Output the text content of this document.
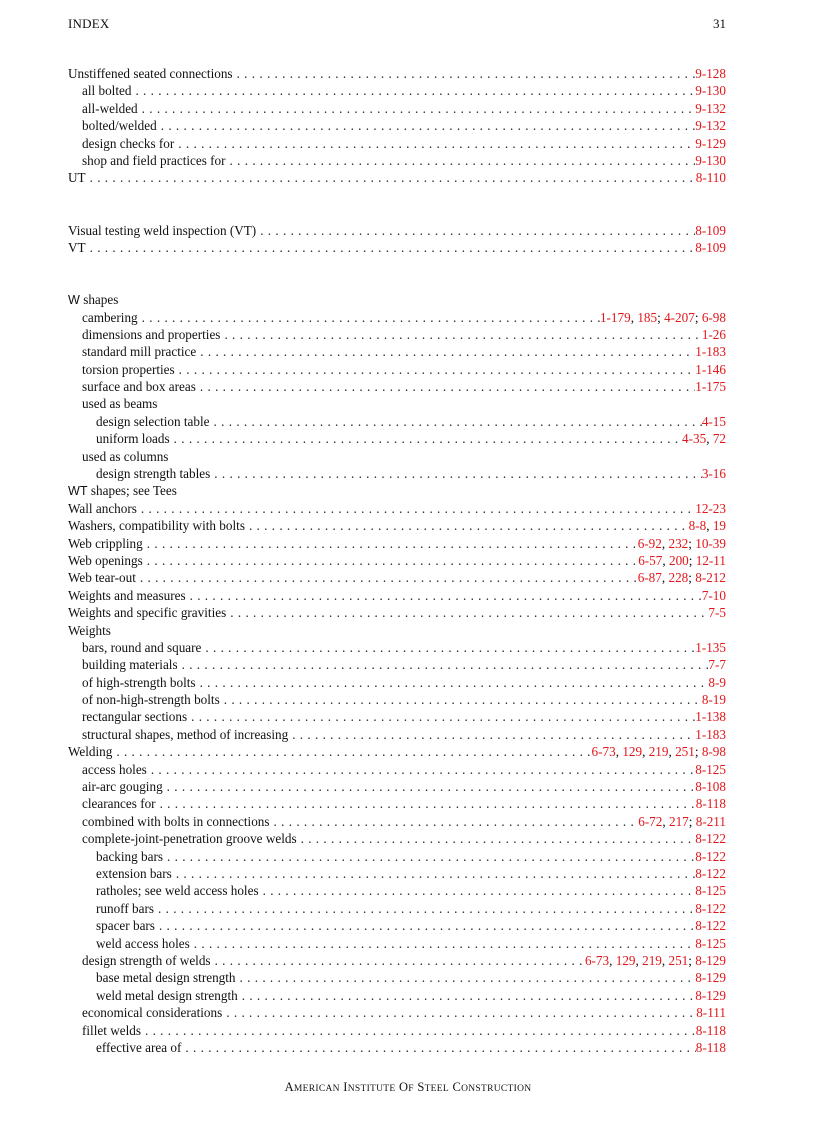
INDEX	31
Unstiffened seated connections . . .	9-128
all bolted . . .	9-130
all-welded . . .	9-132
bolted/welded . . .	9-132
design checks for . . .	9-129
shop and field practices for . . .	9-130
UT . . .	8-110
Visual testing weld inspection (VT) . . .	8-109
VT . . .	8-109
W shapes
cambering . . .	1-179, 185; 4-207; 6-98
dimensions and properties . . .	1-26
standard mill practice . . .	1-183
torsion properties . . .	1-146
surface and box areas . . .	1-175
used as beams
design selection table . . .	4-15
uniform loads . . .	4-35, 72
used as columns
design strength tables . . .	3-16
WT shapes; see Tees
Wall anchors . . .	12-23
Washers, compatibility with bolts . . .	8-8, 19
Web crippling . . .	6-92, 232; 10-39
Web openings . . .	6-57, 200; 12-11
Web tear-out . . .	6-87, 228; 8-212
Weights and measures . . .	7-10
Weights and specific gravities . . .	7-5
Weights
bars, round and square . . .	1-135
building materials . . .	7-7
of high-strength bolts . . .	8-9
of non-high-strength bolts . . .	8-19
rectangular sections . . .	1-138
structural shapes, method of increasing . . .	1-183
Welding . . .	6-73, 129, 219, 251; 8-98
access holes . . .	8-125
air-arc gouging . . .	8-108
clearances for . . .	8-118
combined with bolts in connections . . .	6-72, 217; 8-211
complete-joint-penetration groove welds . . .	8-122
backing bars . . .	8-122
extension bars . . .	8-122
ratholes; see weld access holes . . .	8-125
runoff bars . . .	8-122
spacer bars . . .	8-122
weld access holes . . .	8-125
design strength of welds . . .	6-73, 129, 219, 251; 8-129
base metal design strength . . .	8-129
weld metal design strength . . .	8-129
economical considerations . . .	8-111
fillet welds . . .	8-118
effective area of . . .	8-118
AMERICAN INSTITUTE OF STEEL CONSTRUCTION
